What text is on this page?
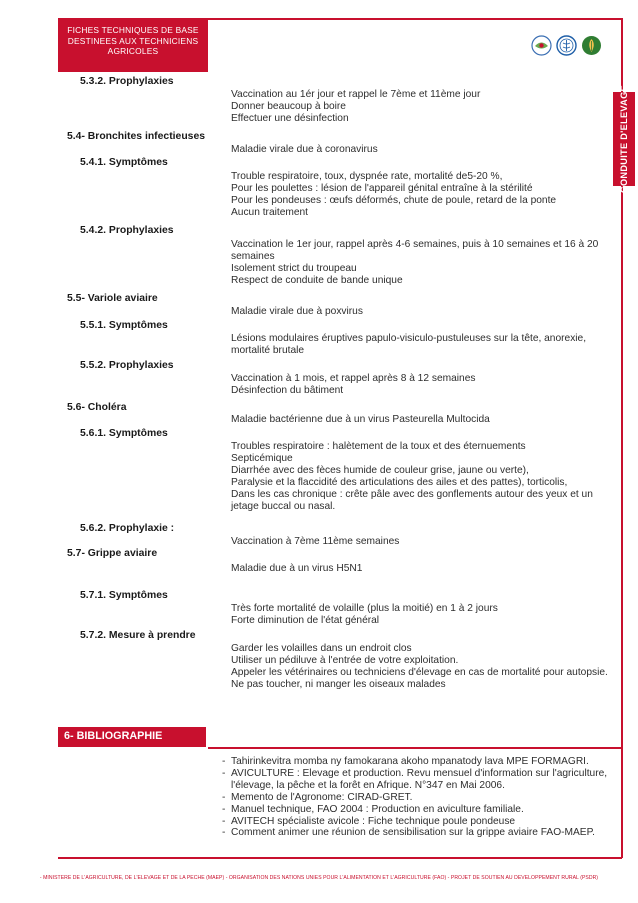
FICHES TECHNIQUES DE BASE
DESTINEES AUX TECHNICIENS
AGRICOLES
CONDUITE D'ELEVAGE
5.3.2. Prophylaxies
5.4- Bronchites infectieuses
5.4.1. Symptômes
5.4.2. Prophylaxies
5.5- Variole aviaire
5.5.1. Symptômes
5.5.2. Prophylaxies
5.6- Choléra
5.6.1. Symptômes
5.6.2. Prophylaxie :
5.7- Grippe aviaire
5.7.1. Symptômes
5.7.2. Mesure à prendre
Vaccination au 1ér jour et rappel le 7ème et 11ème jour
Donner beaucoup à boire
Effectuer une désinfection
Maladie virale due à coronavirus
Trouble respiratoire, toux, dyspnée rate, mortalité de5-20 %,
Pour les poulettes : lésion de l'appareil génital entraîne à la stérilité
Pour les pondeuses : œufs déformés, chute de poule, retard de la ponte
Aucun traitement
Vaccination le 1er jour, rappel après 4-6 semaines, puis à 10 semaines et 16 à 20 semaines
Isolement strict du troupeau
Respect de conduite de bande unique
Maladie virale due à poxvirus
Lésions modulaires éruptives papulo-visiculo-pustuleuses sur la tête, anorexie, mortalité brutale
Vaccination à 1 mois, et rappel après 8 à 12 semaines
Désinfection du bâtiment
Maladie bactérienne due à un virus Pasteurella Multocida
Troubles respiratoire : halètement de la toux et des éternuements
Septicémique
Diarrhée avec des fèces humide de couleur grise, jaune ou verte),
Paralysie et la flaccidité des articulations des ailes et des pattes), torticolis,
Dans les cas chronique : crête pâle avec des gonflements autour des yeux et un jetage buccal ou nasal.
Vaccination à 7ème 11ème semaines
Maladie due à un virus H5N1
Très forte mortalité de volaille (plus la moitié) en 1 à 2 jours
Forte diminution de l'état général
Garder les volailles dans un endroit clos
Utiliser un pédiluve à l'entrée de votre exploitation.
Appeler les vétérinaires ou techniciens d'élevage en cas de mortalité pour autopsie.
Ne pas toucher, ni manger les oiseaux malades
6- BIBLIOGRAPHIE
- Tahirinkevitra momba ny famokarana akoho mpanatody lava MPE FORMAGRI.
- AVICULTURE : Elevage et production. Revu mensuel d'information sur l'agriculture, l'élevage, la pêche et la forêt en Afrique. N°347 en Mai 2006.
- Memento de l'Agronome: CIRAD-GRET.
- Manuel technique, FAO 2004 : Production en aviculture familiale.
- AVITECH spécialiste avicole : Fiche technique poule pondeuse
- Comment animer une réunion de sensibilisation sur la grippe aviaire FAO-MAEP.
- MINISTERE DE L'AGRICULTURE, DE L'ELEVAGE ET DE LA PECHE (MAEP) - ORGANISATION DES NATIONS UNIES POUR L'ALIMENTATION ET L'AGRICULTURE (FAO) - PROJET DE SOUTIEN AU DEVELOPPEMENT RURAL (PSDR)
